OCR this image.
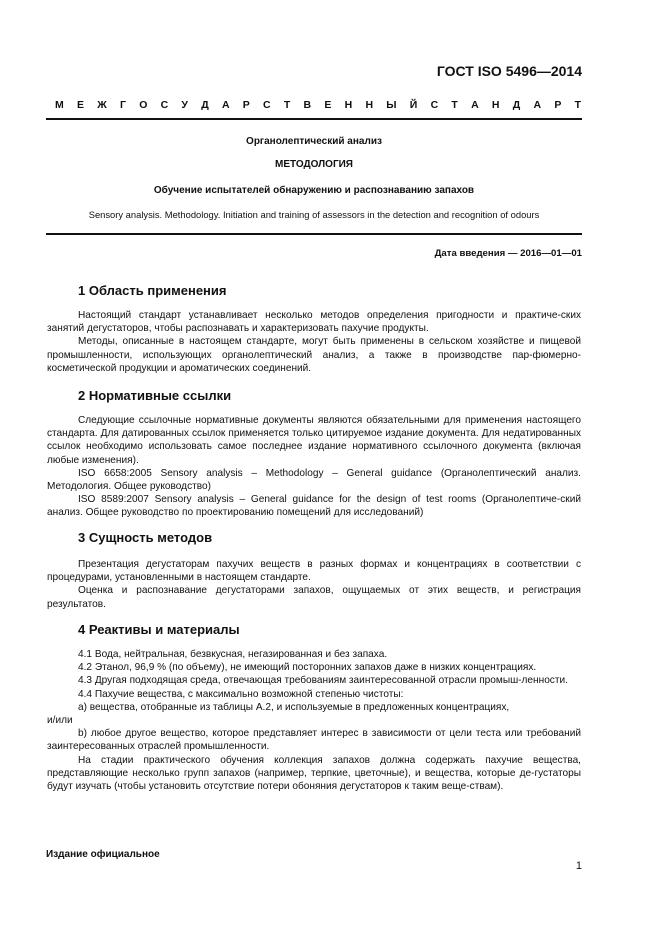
ГОСТ ISO 5496—2014
М Е Ж Г О С У Д А Р С Т В Е Н Н Ы Й С Т А Н Д А Р Т
Органолептический анализ
МЕТОДОЛОГИЯ
Обучение испытателей обнаружению и распознаванию запахов
Sensory analysis. Methodology. Initiation and training of assessors in the detection and recognition of odours
Дата введения — 2016—01—01
1 Область применения

Настоящий стандарт устанавливает несколько методов определения пригодности и практиче-ских занятий дегустаторов, чтобы распознавать и характеризовать пахучие продукты.

Методы, описанные в настоящем стандарте, могут быть применены в сельском хозяйстве и пищевой промышленности, использующих органолептический анализ, а также в производстве пар-фюмерно-косметической продукции и ароматических соединений.

2 Нормативные ссылки

Следующие ссылочные нормативные документы являются обязательными для применения настоящего стандарта. Для датированных ссылок применяется только цитируемое издание документа. Для недатированных ссылок необходимо использовать самое последнее издание нормативного ссылочного документа (включая любые изменения).

ISO 6658:2005 Sensory analysis – Methodology – General guidance (Органолептический анализ. Методология. Общее руководство)

ISO 8589:2007 Sensory analysis – General guidance for the design of test rooms (Органолептиче-ский анализ. Общее руководство по проектированию помещений для исследований)

3 Сущность методов

Презентация дегустаторам пахучих веществ в разных формах и концентрациях в соответствии с процедурами, установленными в настоящем стандарте.

Оценка и распознавание дегустаторами запахов, ощущаемых от этих веществ, и регистрация результатов.

4 Реактивы и материалы

4.1 Вода, нейтральная, безвкусная, негазированная и без запаха.

4.2 Этанол, 96,9 % (по объему), не имеющий посторонних запахов даже в низких концентрациях.

4.3 Другая подходящая среда, отвечающая требованиям заинтересованной отрасли промыш-ленности.

4.4 Пахучие вещества, с максимально возможной степенью чистоты:

a) вещества, отобранные из таблицы А.2, и используемые в предложенных концентрациях,

и/или

b) любое другое вещество, которое представляет интерес в зависимости от цели теста или требований заинтересованных отраслей промышленности.

На стадии практического обучения коллекция запахов должна содержать пахучие вещества, представляющие несколько групп запахов (например, терпкие, цветочные), и вещества, которые де-густаторы будут изучать (чтобы установить отсутствие потери обоняния дегустаторов к таким веще-ствам).

Издание официальное
1
